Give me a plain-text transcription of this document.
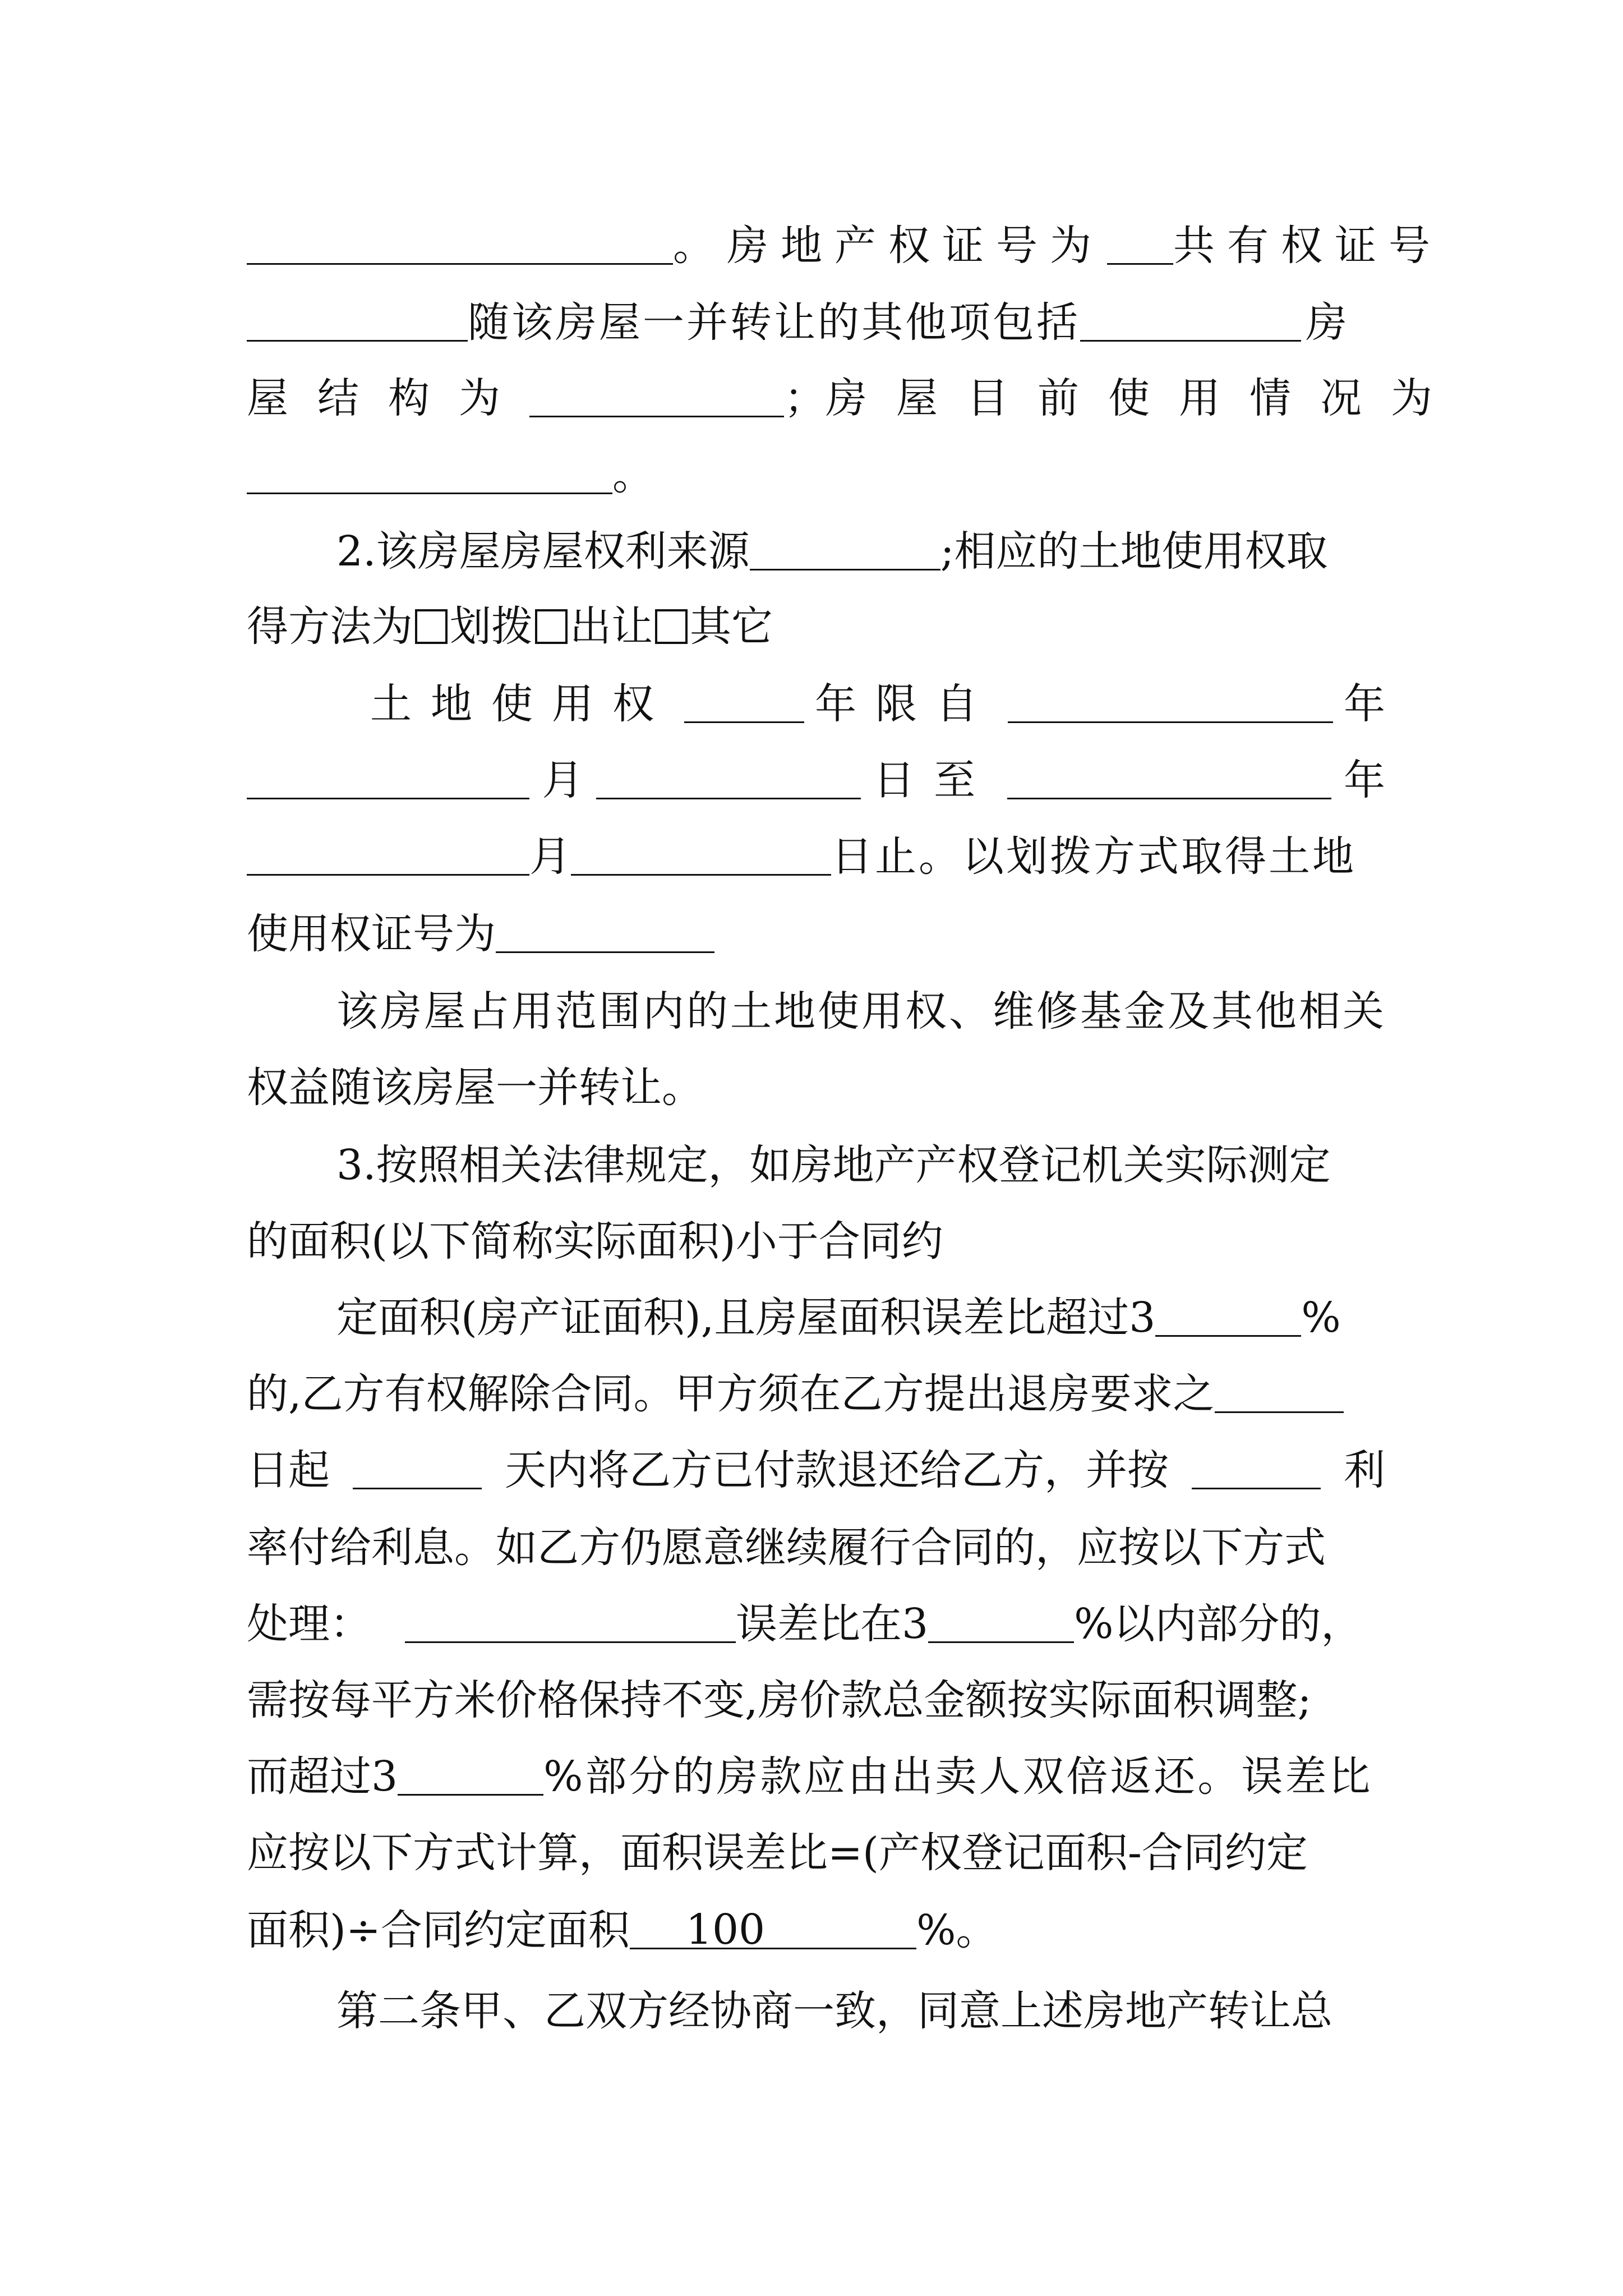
。房地产权证号为 共有权证号
随该房屋一并转让的其他项包括	房
屋结构为	； 房屋目前使用情况为
。
2.该房屋房屋权利来源	;相应的土地使用权取
得方法为 划拨 出让 其它
土地使用权	年限自	年
月	日至	年
月	日止。以划拨方式取得土地
使用权证号为
该房屋占用范围内的土地使用权、维修基金及其他相关
权益随该房屋一并转让。
3.按照相关法律规定，如房地产产权登记机关实际测定
的面积(以下简称实际面积)小于合同约
定面积(房产证面积),且房屋面积误差比超过3	%
的,乙方有权解除合同。甲方须在乙方提出退房要求之
日起	天内将乙方已付款退还给乙方，并按	利
率付给利息。如乙方仍愿意继续履行合同的，应按以下方式
处理：	误差比在3	%以内部分的，
需按每平方米价格保持不变,房价款总金额按实际面积调整;
而超过3	%部分的房款应由出卖人双倍返还。误差比
应按以下方式计算，面积误差比=(产权登记面积-合同约定
面积)÷合同约定面积 100	%。
第二条甲、乙双方经协商一致，同意上述房地产转让总
